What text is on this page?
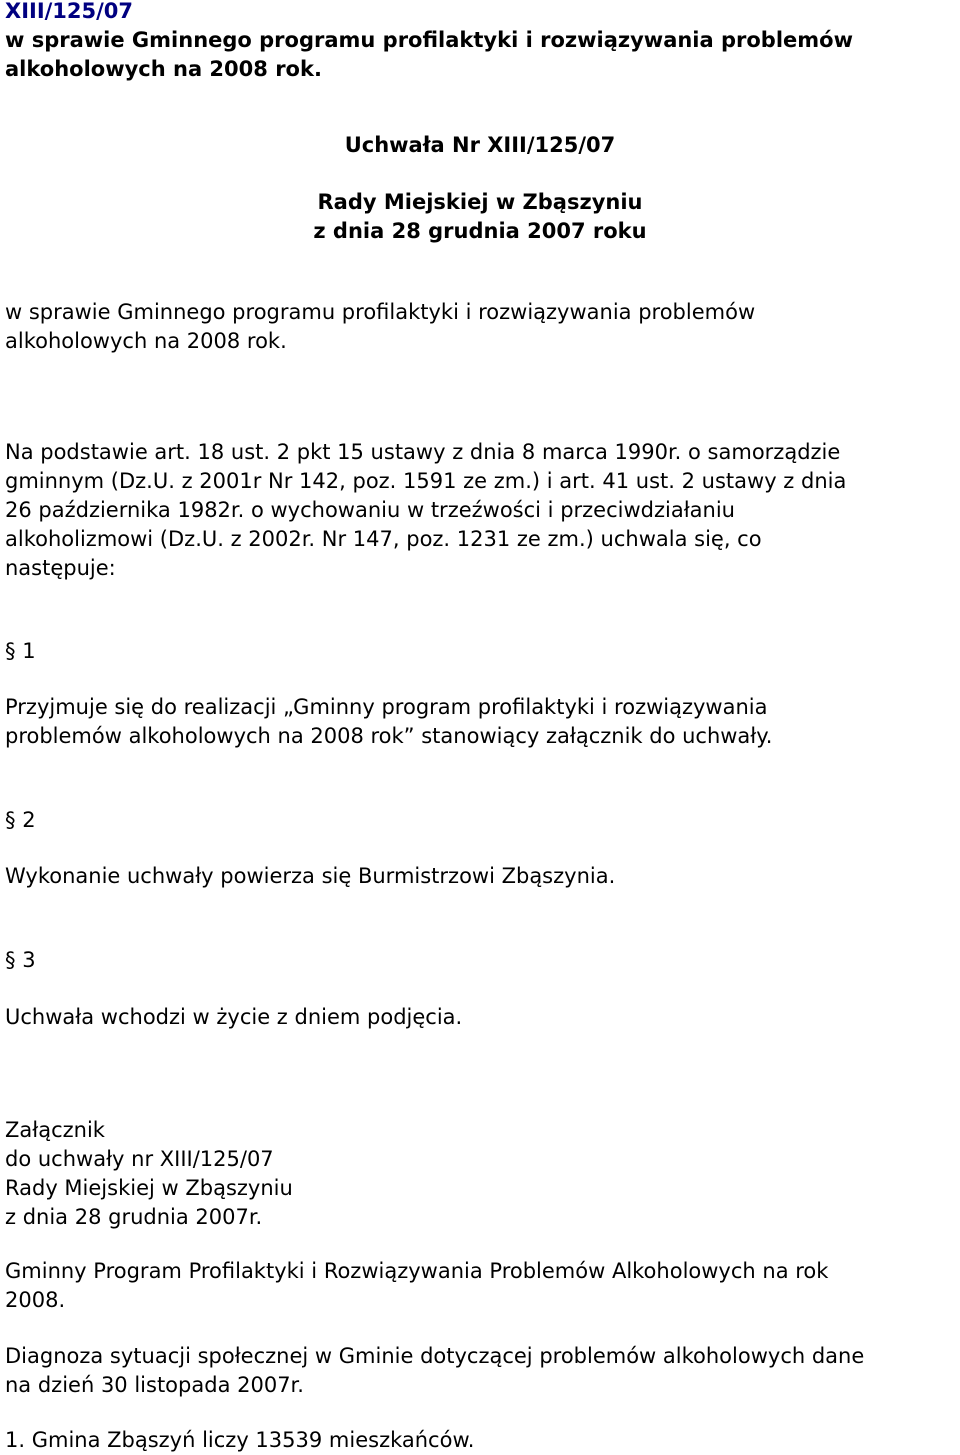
XIII/125/07
w sprawie Gminnego programu profilaktyki i rozwiązywania problemów
alkoholowych na 2008 rok.
Uchwała Nr XIII/125/07
Rady Miejskiej w Zbąszyniu
z dnia 28 grudnia 2007 roku
w sprawie Gminnego programu profilaktyki i rozwiązywania problemów
alkoholowych na 2008 rok.
Na podstawie art. 18 ust. 2 pkt 15 ustawy z dnia 8 marca 1990r. o samorządzie
gminnym (Dz.U. z 2001r Nr 142, poz. 1591 ze zm.) i art. 41 ust. 2 ustawy z dnia
26 października 1982r. o wychowaniu w trzeźwości i przeciwdziałaniu
alkoholizmowi (Dz.U. z 2002r. Nr 147, poz. 1231 ze zm.) uchwala się, co
następuje:
§ 1
Przyjmuje się do realizacji „Gminny program profilaktyki i rozwiązywania
problemów alkoholowych na 2008 rok” stanowiący załącznik do uchwały.
§ 2
Wykonanie uchwały powierza się Burmistrzowi Zbąszynia.
§ 3
Uchwała wchodzi w życie z dniem podjęcia.
Załącznik
do uchwały nr XIII/125/07
Rady Miejskiej w Zbąszyniu
z dnia 28 grudnia 2007r.
Gminny Program Profilaktyki i Rozwiązywania Problemów Alkoholowych na rok
2008.
Diagnoza sytuacji społecznej w Gminie dotyczącej problemów alkoholowych dane
na dzień 30 listopada 2007r.
1. Gmina Zbąszyń liczy 13539 mieszkańców.
